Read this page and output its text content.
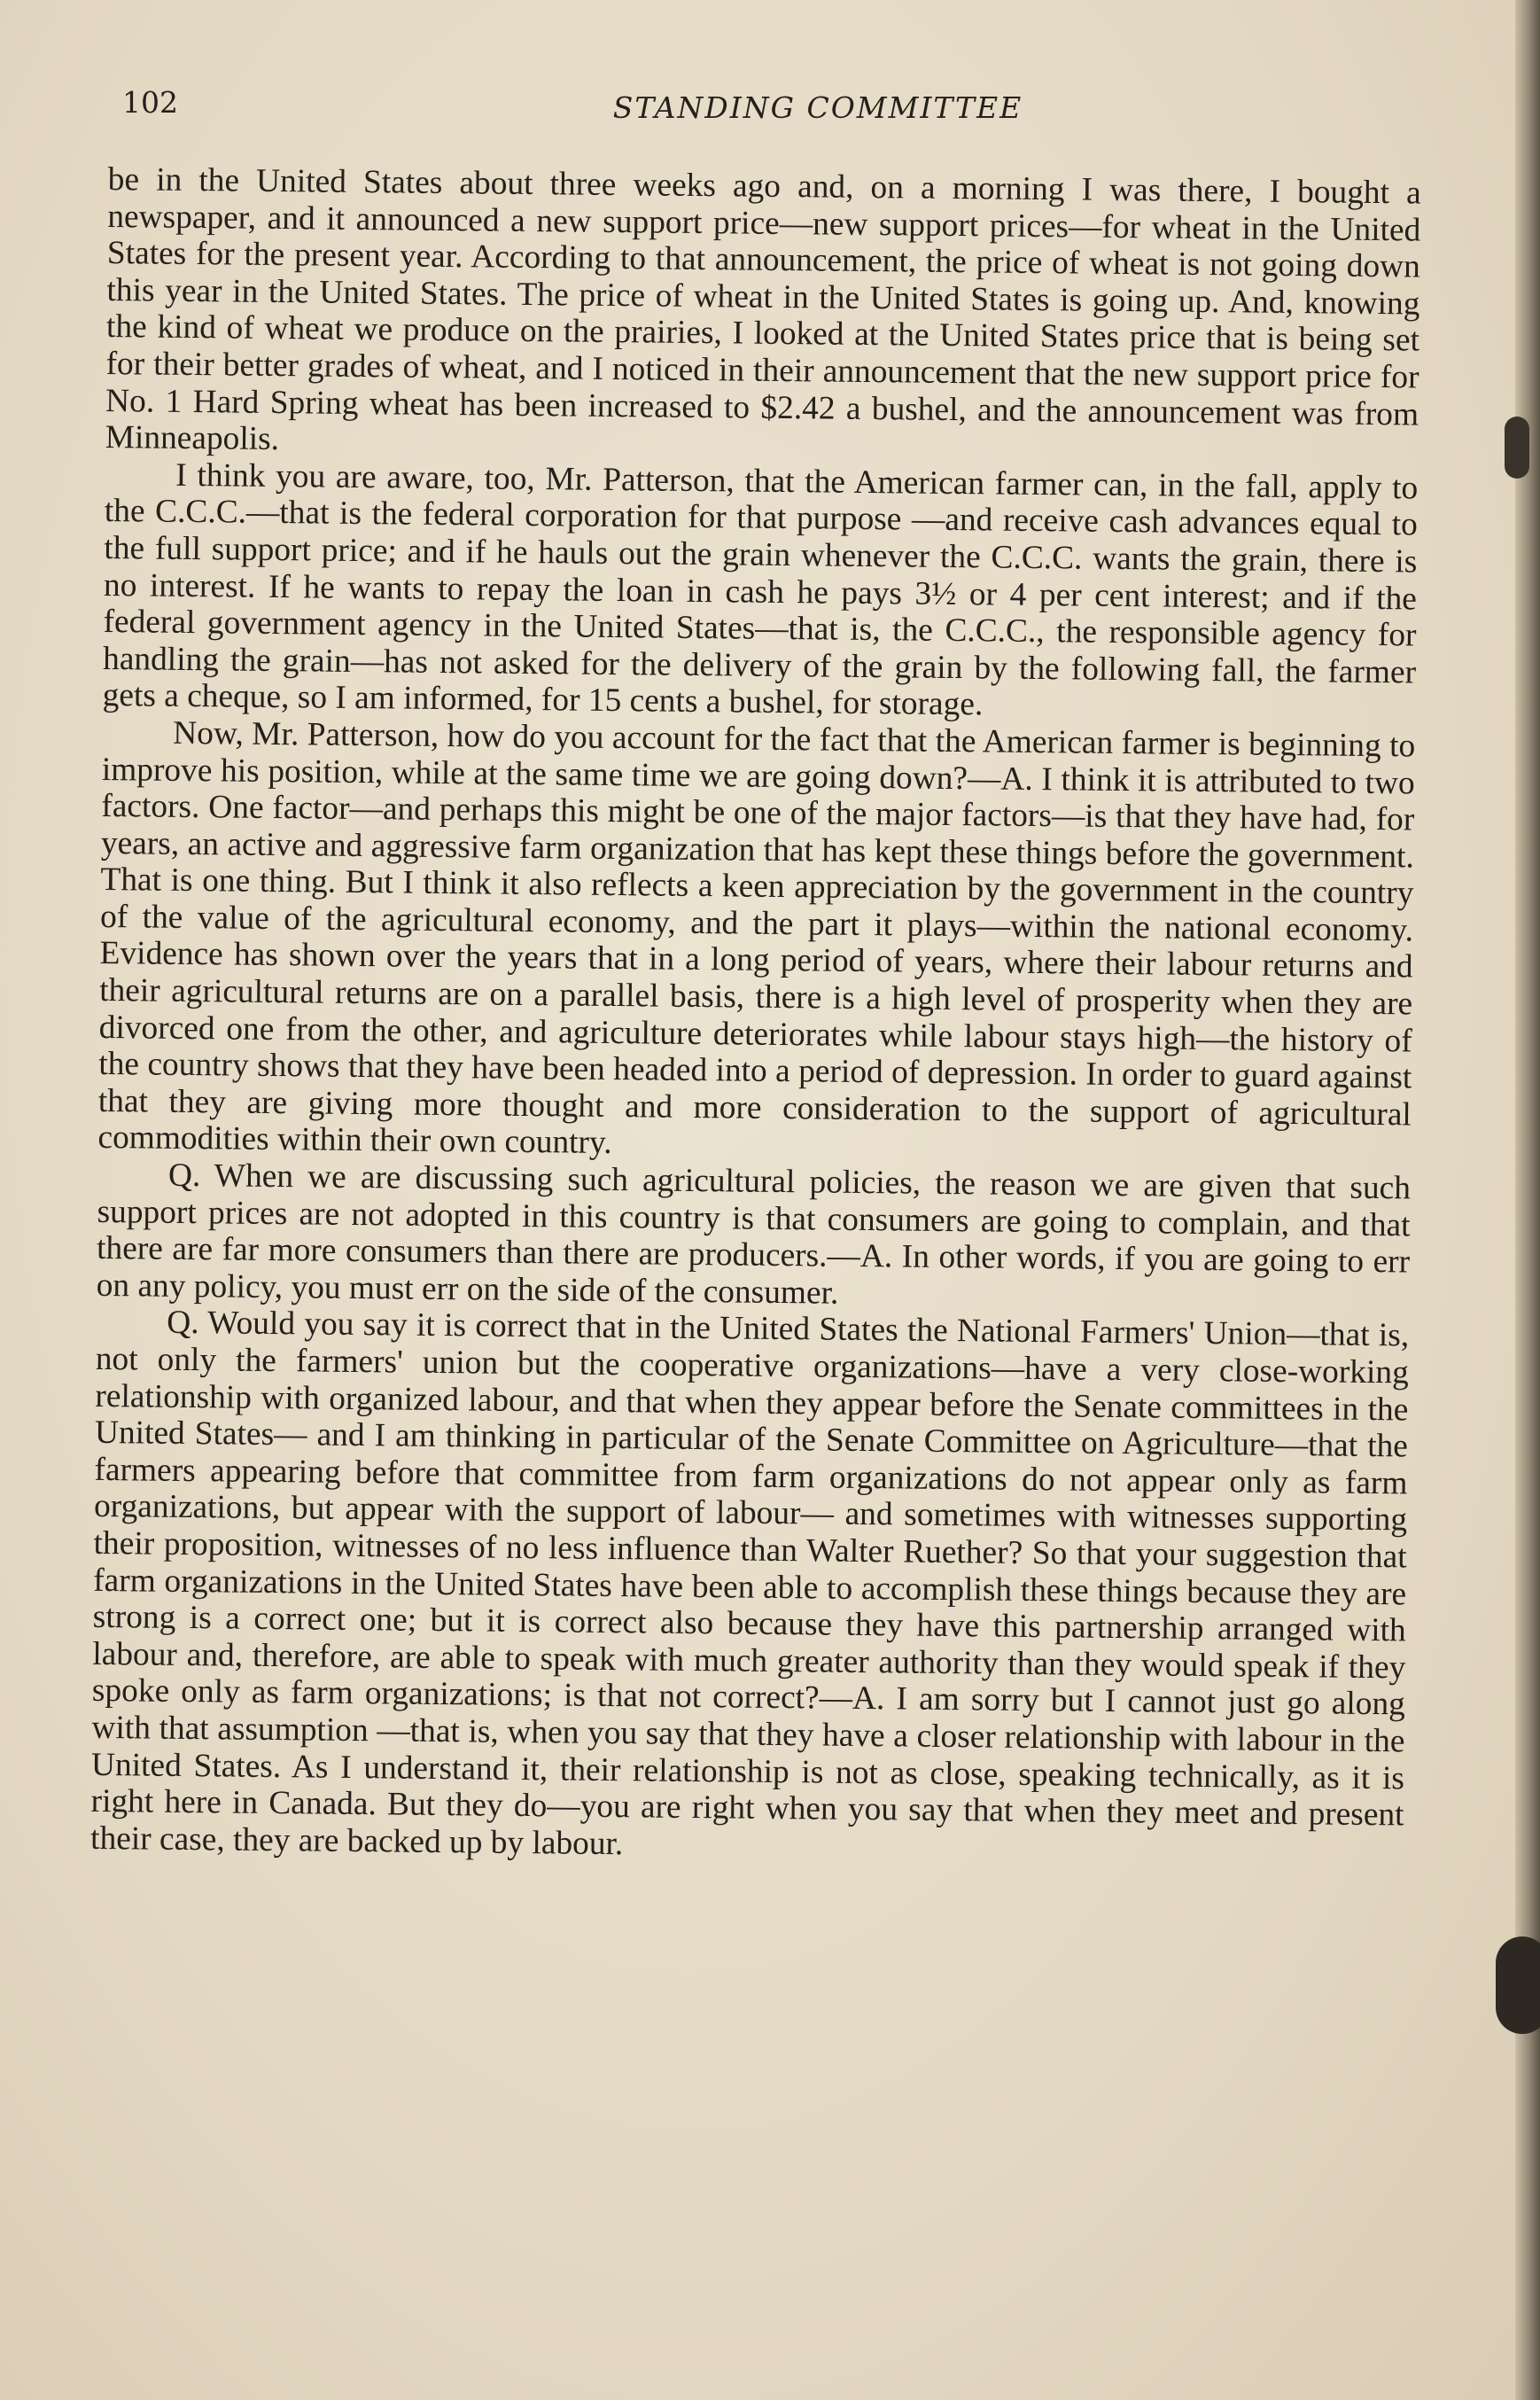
102	STANDING COMMITTEE

be in the United States about three weeks ago and, on a morning I was there, I bought a newspaper, and it announced a new support price—new support prices—for wheat in the United States for the present year. According to that announcement, the price of wheat is not going down this year in the United States. The price of wheat in the United States is going up. And, knowing the kind of wheat we produce on the prairies, I looked at the United States price that is being set for their better grades of wheat, and I noticed in their announcement that the new support price for No. 1 Hard Spring wheat has been increased to $2.42 a bushel, and the announcement was from Minneapolis.

I think you are aware, too, Mr. Patterson, that the American farmer can, in the fall, apply to the C.C.C.—that is the federal corporation for that purpose —and receive cash advances equal to the full support price; and if he hauls out the grain whenever the C.C.C. wants the grain, there is no interest. If he wants to repay the loan in cash he pays 3½ or 4 per cent interest; and if the federal government agency in the United States—that is, the C.C.C., the responsible agency for handling the grain—has not asked for the delivery of the grain by the following fall, the farmer gets a cheque, so I am informed, for 15 cents a bushel, for storage.

Now, Mr. Patterson, how do you account for the fact that the American farmer is beginning to improve his position, while at the same time we are going down?—A. I think it is attributed to two factors. One factor—and perhaps this might be one of the major factors—is that they have had, for years, an active and aggressive farm organization that has kept these things before the government. That is one thing. But I think it also reflects a keen appreciation by the government in the country of the value of the agricultural economy, and the part it plays—within the national economy. Evidence has shown over the years that in a long period of years, where their labour returns and their agricultural returns are on a parallel basis, there is a high level of prosperity when they are divorced one from the other, and agriculture deteriorates while labour stays high—the history of the country shows that they have been headed into a period of depression. In order to guard against that they are giving more thought and more consideration to the support of agricultural commodities within their own country.

Q. When we are discussing such agricultural policies, the reason we are given that such support prices are not adopted in this country is that consumers are going to complain, and that there are far more consumers than there are producers.—A. In other words, if you are going to err on any policy, you must err on the side of the consumer.

Q. Would you say it is correct that in the United States the National Farmers' Union—that is, not only the farmers' union but the cooperative organizations—have a very close-working relationship with organized labour, and that when they appear before the Senate committees in the United States— and I am thinking in particular of the Senate Committee on Agriculture—that the farmers appearing before that committee from farm organizations do not appear only as farm organizations, but appear with the support of labour— and sometimes with witnesses supporting their proposition, witnesses of no less influence than Walter Ruether? So that your suggestion that farm organizations in the United States have been able to accomplish these things because they are strong is a correct one; but it is correct also because they have this partnership arranged with labour and, therefore, are able to speak with much greater authority than they would speak if they spoke only as farm organizations; is that not correct?—A. I am sorry but I cannot just go along with that assumption —that is, when you say that they have a closer relationship with labour in the United States. As I understand it, their relationship is not as close, speaking technically, as it is right here in Canada. But they do—you are right when you say that when they meet and present their case, they are backed up by labour.
